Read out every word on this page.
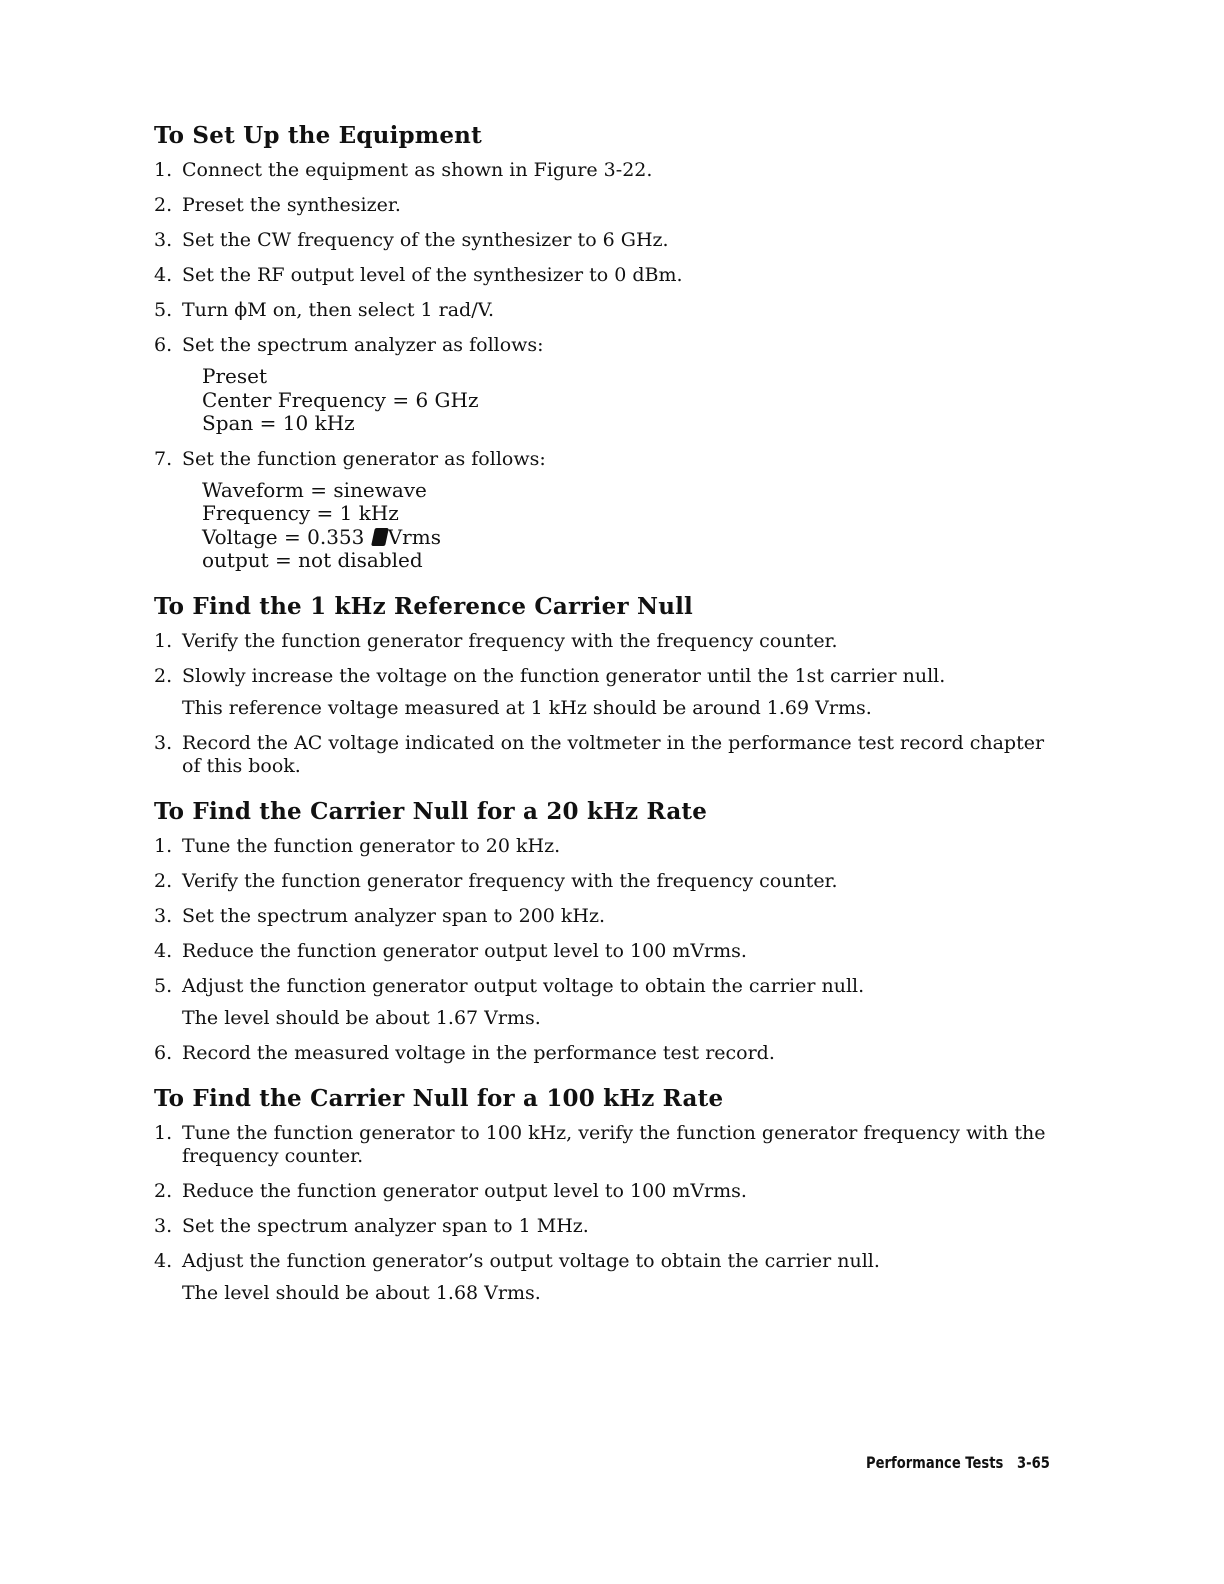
To Set Up the Equipment
1. Connect the equipment as shown in Figure 3-22.
2. Preset the synthesizer.
3. Set the CW frequency of the synthesizer to 6 GHz.
4. Set the RF output level of the synthesizer to 0 dBm.
5. Turn ϕM on, then select 1 rad/V.
6. Set the spectrum analyzer as follows:
Preset
Center Frequency = 6 GHz
Span = 10 kHz
7. Set the function generator as follows:
Waveform = sinewave
Frequency = 1 kHz
Voltage = 0.353 Vrms
output = not disabled
To Find the 1 kHz Reference Carrier Null
1. Verify the function generator frequency with the frequency counter.
2. Slowly increase the voltage on the function generator until the 1st carrier null.
This reference voltage measured at 1 kHz should be around 1.69 Vrms.
3. Record the AC voltage indicated on the voltmeter in the performance test record chapter of this book.
To Find the Carrier Null for a 20 kHz Rate
1. Tune the function generator to 20 kHz.
2. Verify the function generator frequency with the frequency counter.
3. Set the spectrum analyzer span to 200 kHz.
4. Reduce the function generator output level to 100 mVrms.
5. Adjust the function generator output voltage to obtain the carrier null.
The level should be about 1.67 Vrms.
6. Record the measured voltage in the performance test record.
To Find the Carrier Null for a 100 kHz Rate
1. Tune the function generator to 100 kHz, verify the function generator frequency with the frequency counter.
2. Reduce the function generator output level to 100 mVrms.
3. Set the spectrum analyzer span to 1 MHz.
4. Adjust the function generator’s output voltage to obtain the carrier null.
The level should be about 1.68 Vrms.
Performance Tests 3-65
